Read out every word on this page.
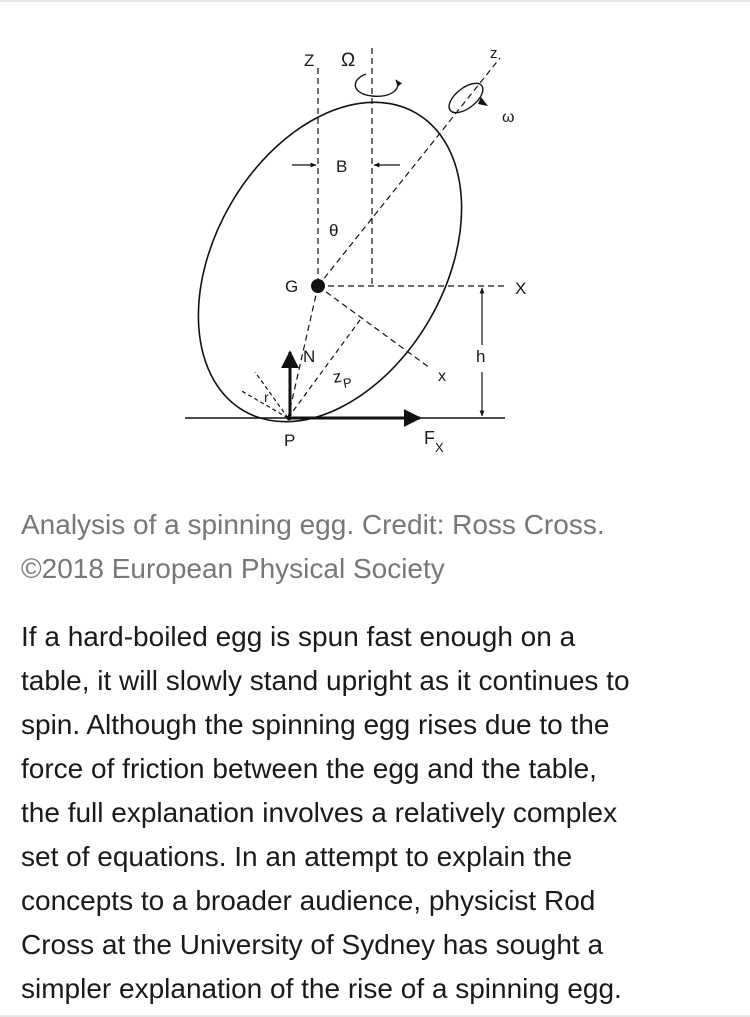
Z Ω	z
ω
B
θ
G	X
N
z
P
h
x
r
P	F X

Analysis of a spinning egg. Credit: Ross Cross.
©2018 European Physical Society

If a hard-boiled egg is spun fast enough on a
table, it will slowly stand upright as it continues to
spin. Although the spinning egg rises due to the
force of friction between the egg and the table,
the full explanation involves a relatively complex
set of equations. In an attempt to explain the
concepts to a broader audience, physicist Rod
Cross at the University of Sydney has sought a
simpler explanation of the rise of a spinning egg.
